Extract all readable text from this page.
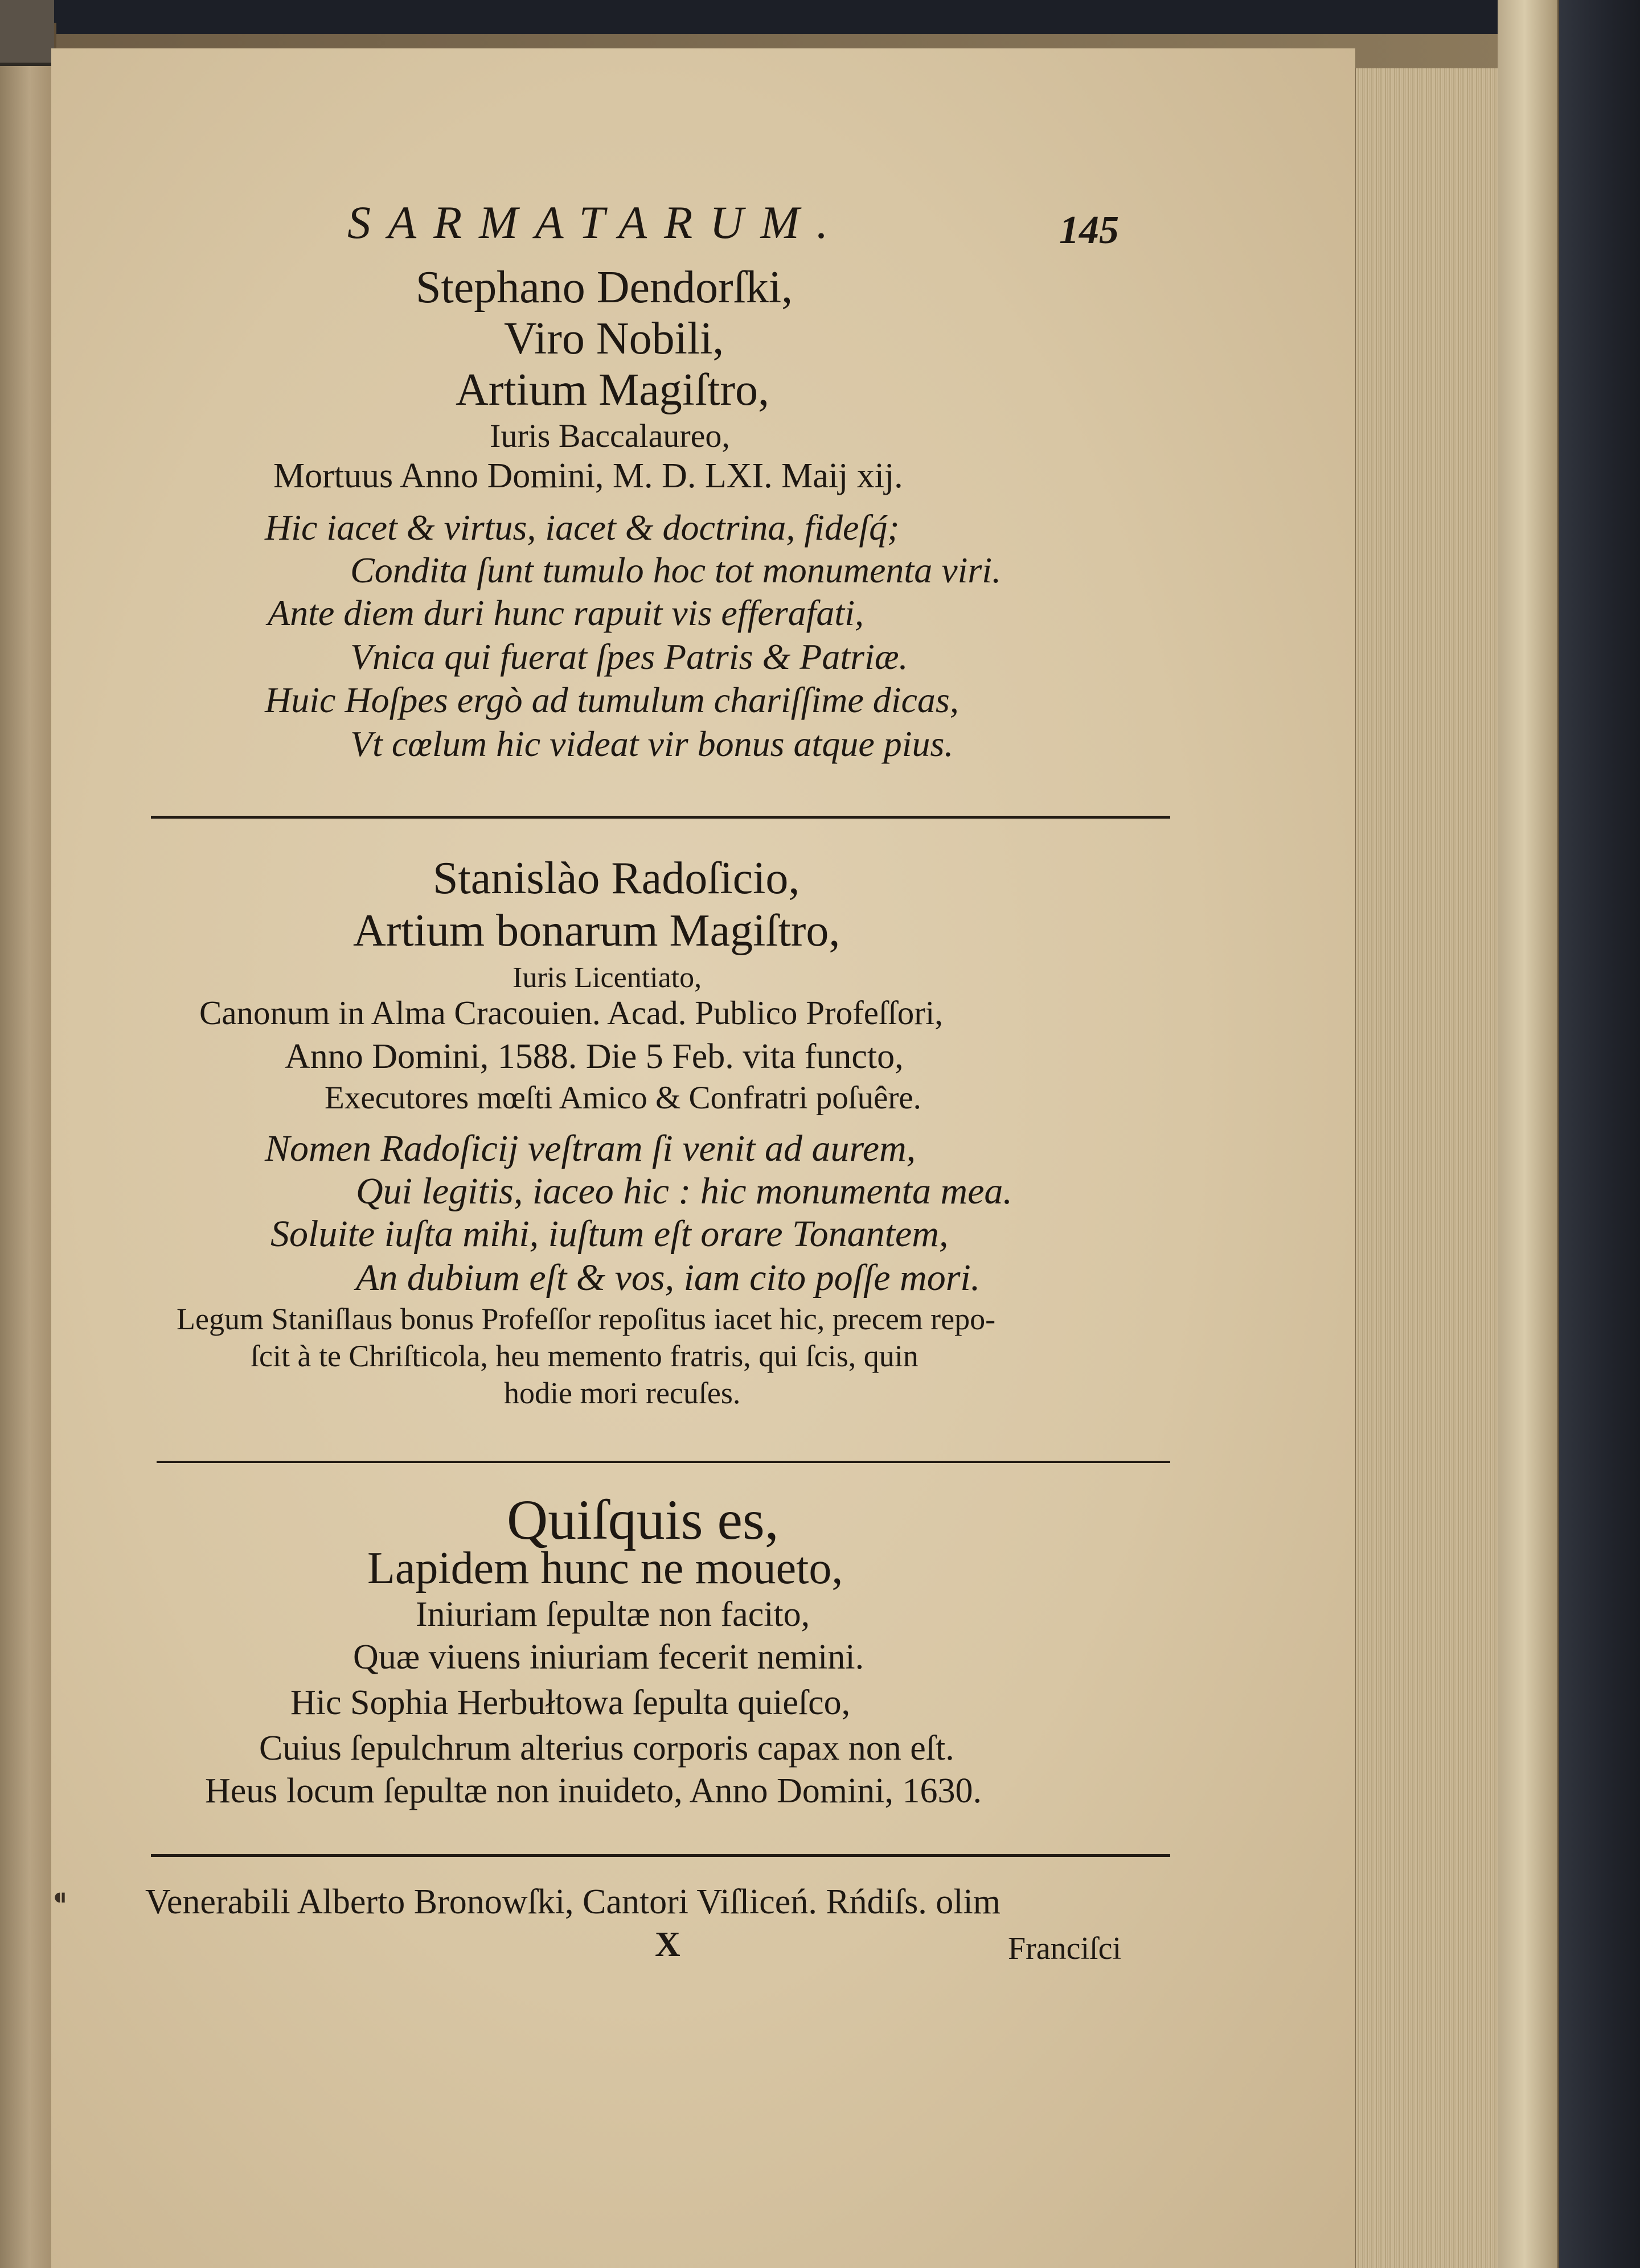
SARMATARUM.	145
Stephano Dendorſki,
Viro Nobili,
Artium Magiſtro,
Iuris Baccalaureo,
Mortuus Anno Domini, M. D. LXI. Maij xij.
Hic iacet & virtus, iacet & doctrina, fideſq́;
Condita ſunt tumulo hoc tot monumenta viri.
Ante diem duri hunc rapuit vis efferafati,
Vnica qui fuerat ſpes Patris & Patriæ.
Huic Hoſpes ergò ad tumulum chariſſime dicas,
Vt cœlum hic videat vir bonus atque pius.
Stanislào Radoſicio,
Artium bonarum Magiſtro,
Iuris Licentiato,
Canonum in Alma Cracouien. Acad. Publico Profeſſori,
Anno Domini, 1588. Die 5 Feb. vita functo,
Executores mœſti Amico & Confratri poſuêre.
Nomen Radoſicij veſtram ſi venit ad aurem,
Qui legitis, iaceo hic : hic monumenta mea.
Soluite iuſta mihi, iuſtum eſt orare Tonantem,
An dubium eſt & vos, iam cito poſſe mori.
Legum Staniſlaus bonus Profeſſor repoſitus iacet hic, precem repo-
ſcit à te Chriſticola, heu memento fratris, qui ſcis, quin
hodie mori recuſes.
Quiſquis es,
Lapidem hunc ne moueto,
Iniuriam ſepultæ non facito,
Quæ viuens iniuriam fecerit nemini.
Hic Sophia Herbułtowa ſepulta quieſco,
Cuius ſepulchrum alterius corporis capax non eſt.
Heus locum ſepultæ non inuideto, Anno Domini, 1630.
Venerabili Alberto Bronowſki, Cantori Viſliceń. Rńdiſs. olim
X	Franciſci
⁌
